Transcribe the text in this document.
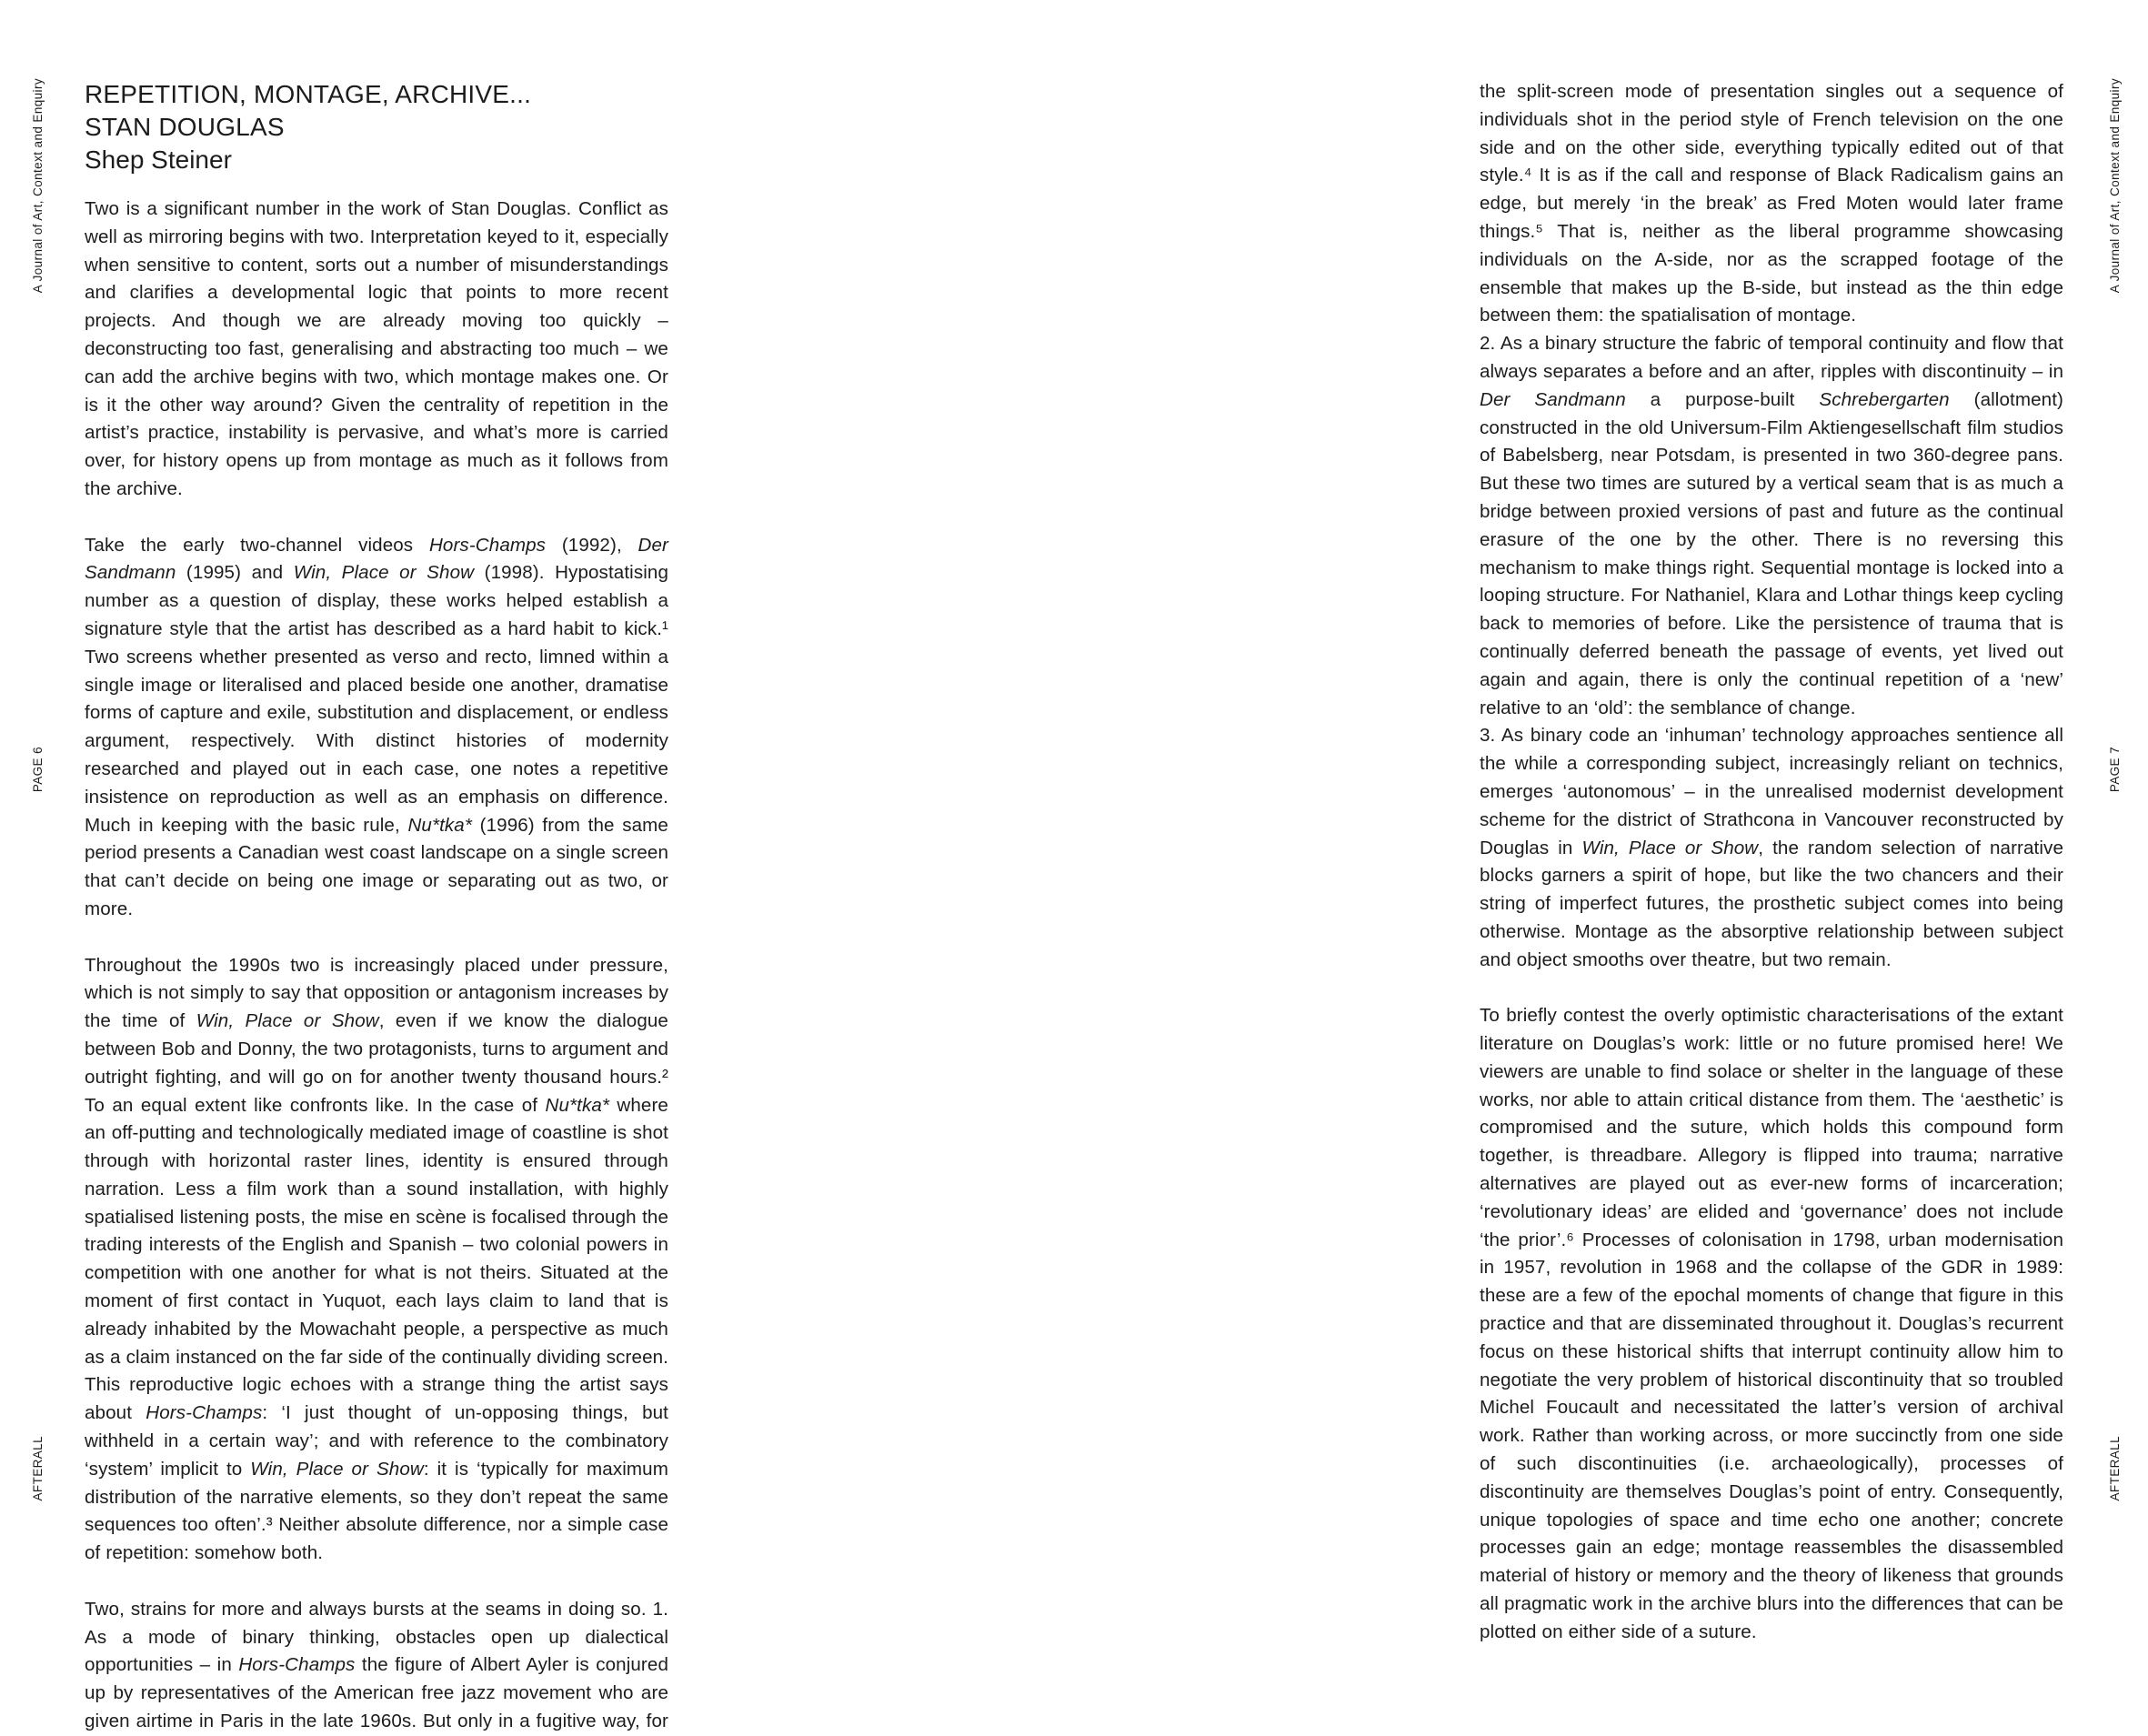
A Journal of Art, Context and Enquiry
PAGE 6
AFTERALL
REPETITION, MONTAGE, ARCHIVE...
STAN DOUGLAS
Shep Steiner

Two is a significant number in the work of Stan Douglas. Conflict as well as mirroring begins with two. Interpretation keyed to it, especially when sensitive to content, sorts out a number of misunderstandings and clarifies a developmental logic that points to more recent projects. And though we are already moving too quickly – deconstructing too fast, generalising and abstracting too much – we can add the archive begins with two, which montage makes one. Or is it the other way around? Given the centrality of repetition in the artist’s practice, instability is pervasive, and what’s more is carried over, for history opens up from montage as much as it follows from the archive.

Take the early two-channel videos Hors-Champs (1992), Der Sandmann (1995) and Win, Place or Show (1998). Hypostatising number as a question of display, these works helped establish a signature style that the artist has described as a hard habit to kick.¹ Two screens whether presented as verso and recto, limned within a single image or literalised and placed beside one another, dramatise forms of capture and exile, substitution and displacement, or endless argument, respectively. With distinct histories of modernity researched and played out in each case, one notes a repetitive insistence on reproduction as well as an emphasis on difference. Much in keeping with the basic rule, Nu*tka* (1996) from the same period presents a Canadian west coast landscape on a single screen that can’t decide on being one image or separating out as two, or more.

Throughout the 1990s two is increasingly placed under pressure, which is not simply to say that opposition or antagonism increases by the time of Win, Place or Show, even if we know the dialogue between Bob and Donny, the two protagonists, turns to argument and outright fighting, and will go on for another twenty thousand hours.² To an equal extent like confronts like. In the case of Nu*tka* where an off-putting and technologically mediated image of coastline is shot through with horizontal raster lines, identity is ensured through narration. Less a film work than a sound installation, with highly spatialised listening posts, the mise en scène is focalised through the trading interests of the English and Spanish – two colonial powers in competition with one another for what is not theirs. Situated at the moment of first contact in Yuquot, each lays claim to land that is already inhabited by the Mowachaht people, a perspective as much as a claim instanced on the far side of the continually dividing screen. This reproductive logic echoes with a strange thing the artist says about Hors-Champs: ‘I just thought of un-opposing things, but withheld in a certain way’; and with reference to the combinatory ‘system’ implicit to Win, Place or Show: it is ‘typically for maximum distribution of the narrative elements, so they don’t repeat the same sequences too often’.³ Neither absolute difference, nor a simple case of repetition: somehow both.

Two, strains for more and always bursts at the seams in doing so. 1. As a mode of binary thinking, obstacles open up dialectical opportunities – in Hors-Champs the figure of Albert Ayler is conjured up by representatives of the American free jazz movement who are given airtime in Paris in the late 1960s. But only in a fugitive way, for

the split-screen mode of presentation singles out a sequence of individuals shot in the period style of French television on the one side and on the other side, everything typically edited out of that style.⁴ It is as if the call and response of Black Radicalism gains an edge, but merely ‘in the break’ as Fred Moten would later frame things.⁵ That is, neither as the liberal programme showcasing individuals on the A-side, nor as the scrapped footage of the ensemble that makes up the B-side, but instead as the thin edge between them: the spatialisation of montage.

2. As a binary structure the fabric of temporal continuity and flow that always separates a before and an after, ripples with discontinuity – in Der Sandmann a purpose-built Schrebergarten (allotment) constructed in the old Universum-Film Aktiengesellschaft film studios of Babelsberg, near Potsdam, is presented in two 360-degree pans. But these two times are sutured by a vertical seam that is as much a bridge between proxied versions of past and future as the continual erasure of the one by the other. There is no reversing this mechanism to make things right. Sequential montage is locked into a looping structure. For Nathaniel, Klara and Lothar things keep cycling back to memories of before. Like the persistence of trauma that is continually deferred beneath the passage of events, yet lived out again and again, there is only the continual repetition of a ‘new’ relative to an ‘old’: the semblance of change.

3. As binary code an ‘inhuman’ technology approaches sentience all the while a corresponding subject, increasingly reliant on technics, emerges ‘autonomous’ – in the unrealised modernist development scheme for the district of Strathcona in Vancouver reconstructed by Douglas in Win, Place or Show, the random selection of narrative blocks garners a spirit of hope, but like the two chancers and their string of imperfect futures, the prosthetic subject comes into being otherwise. Montage as the absorptive relationship between subject and object smooths over theatre, but two remain.

To briefly contest the overly optimistic characterisations of the extant literature on Douglas’s work: little or no future promised here! We viewers are unable to find solace or shelter in the language of these works, nor able to attain critical distance from them. The ‘aesthetic’ is compromised and the suture, which holds this compound form together, is threadbare. Allegory is flipped into trauma; narrative alternatives are played out as ever-new forms of incarceration; ‘revolutionary ideas’ are elided and ‘governance’ does not include ‘the prior’.⁶ Processes of colonisation in 1798, urban modernisation in 1957, revolution in 1968 and the collapse of the GDR in 1989: these are a few of the epochal moments of change that figure in this practice and that are disseminated throughout it. Douglas’s recurrent focus on these historical shifts that interrupt continuity allow him to negotiate the very problem of historical discontinuity that so troubled Michel Foucault and necessitated the latter’s version of archival work. Rather than working across, or more succinctly from one side of such discontinuities (i.e. archaeologically), processes of discontinuity are themselves Douglas’s point of entry. Consequently, unique topologies of space and time echo one another; concrete processes gain an edge; montage reassembles the disassembled material of history or memory and the theory of likeness that grounds all pragmatic work in the archive blurs into the differences that can be plotted on either side of a suture.

A Journal of Art, Context and Enquiry
PAGE 7
AFTERALL
